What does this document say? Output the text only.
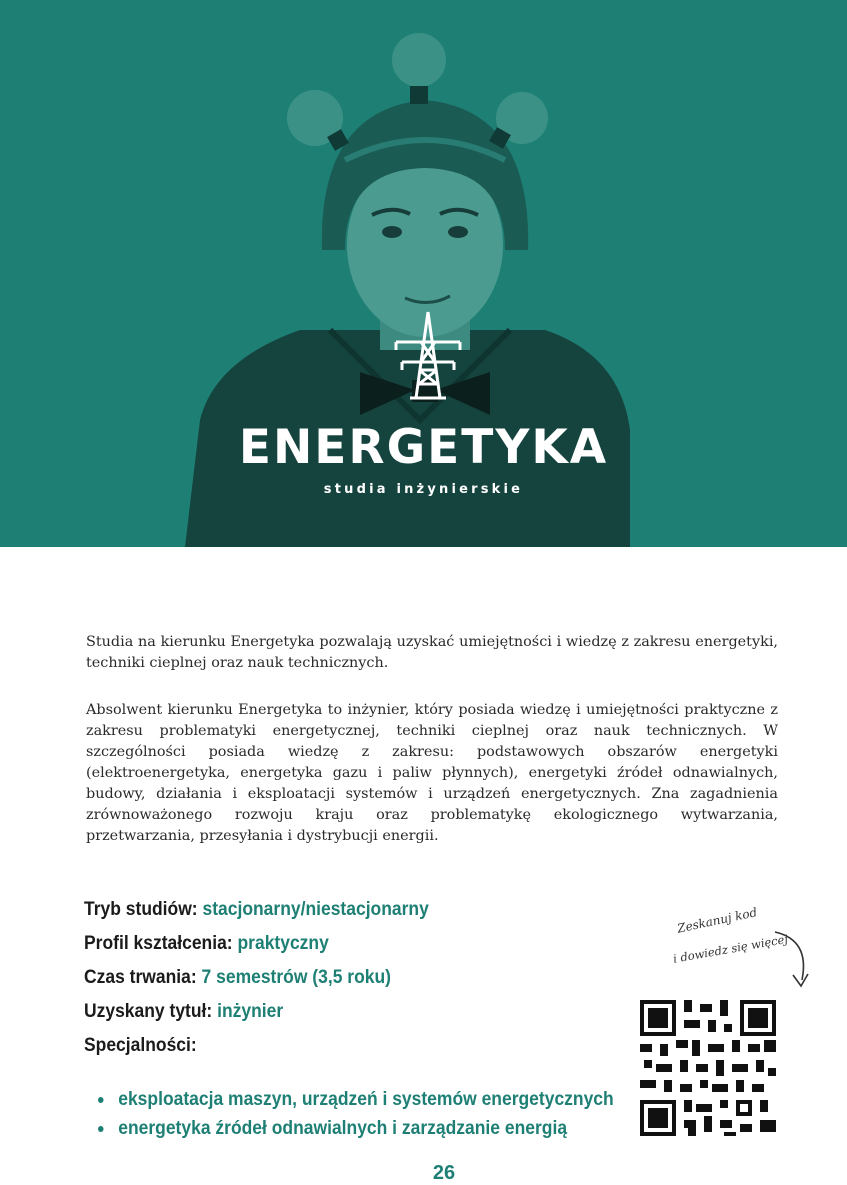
ENERGETYKA
studia inżynierskie

Studia na kierunku Energetyka pozwalają uzyskać umiejętności i wiedzę z zakresu energetyki, techniki cieplnej oraz nauk technicznych.

Absolwent kierunku Energetyka to inżynier, który posiada wiedzę i umiejętności praktyczne z zakresu problematyki energetycznej, techniki cieplnej oraz nauk technicznych. W szczególności posiada wiedzę z zakresu: podstawowych obszarów energetyki (elektroenergetyka, energetyka gazu i paliw płynnych), energetyki źródeł odnawialnych, budowy, działania i eksploatacji systemów i urządzeń energetycznych. Zna zagadnienia zrównoważonego rozwoju kraju oraz problematykę ekologicznego wytwarzania, przetwarzania, przesyłania i dystrybucji energii.

Tryb studiów: stacjonarny/niestacjonarny
Profil kształcenia: praktyczny
Czas trwania: 7 semestrów (3,5 roku)
Uzyskany tytuł: inżynier
Specjalności:
eksploatacja maszyn, urządzeń i systemów energetycznych
energetyka źródeł odnawialnych i zarządzanie energią
Zeskanuj kod
i dowiedz się więcej
26
